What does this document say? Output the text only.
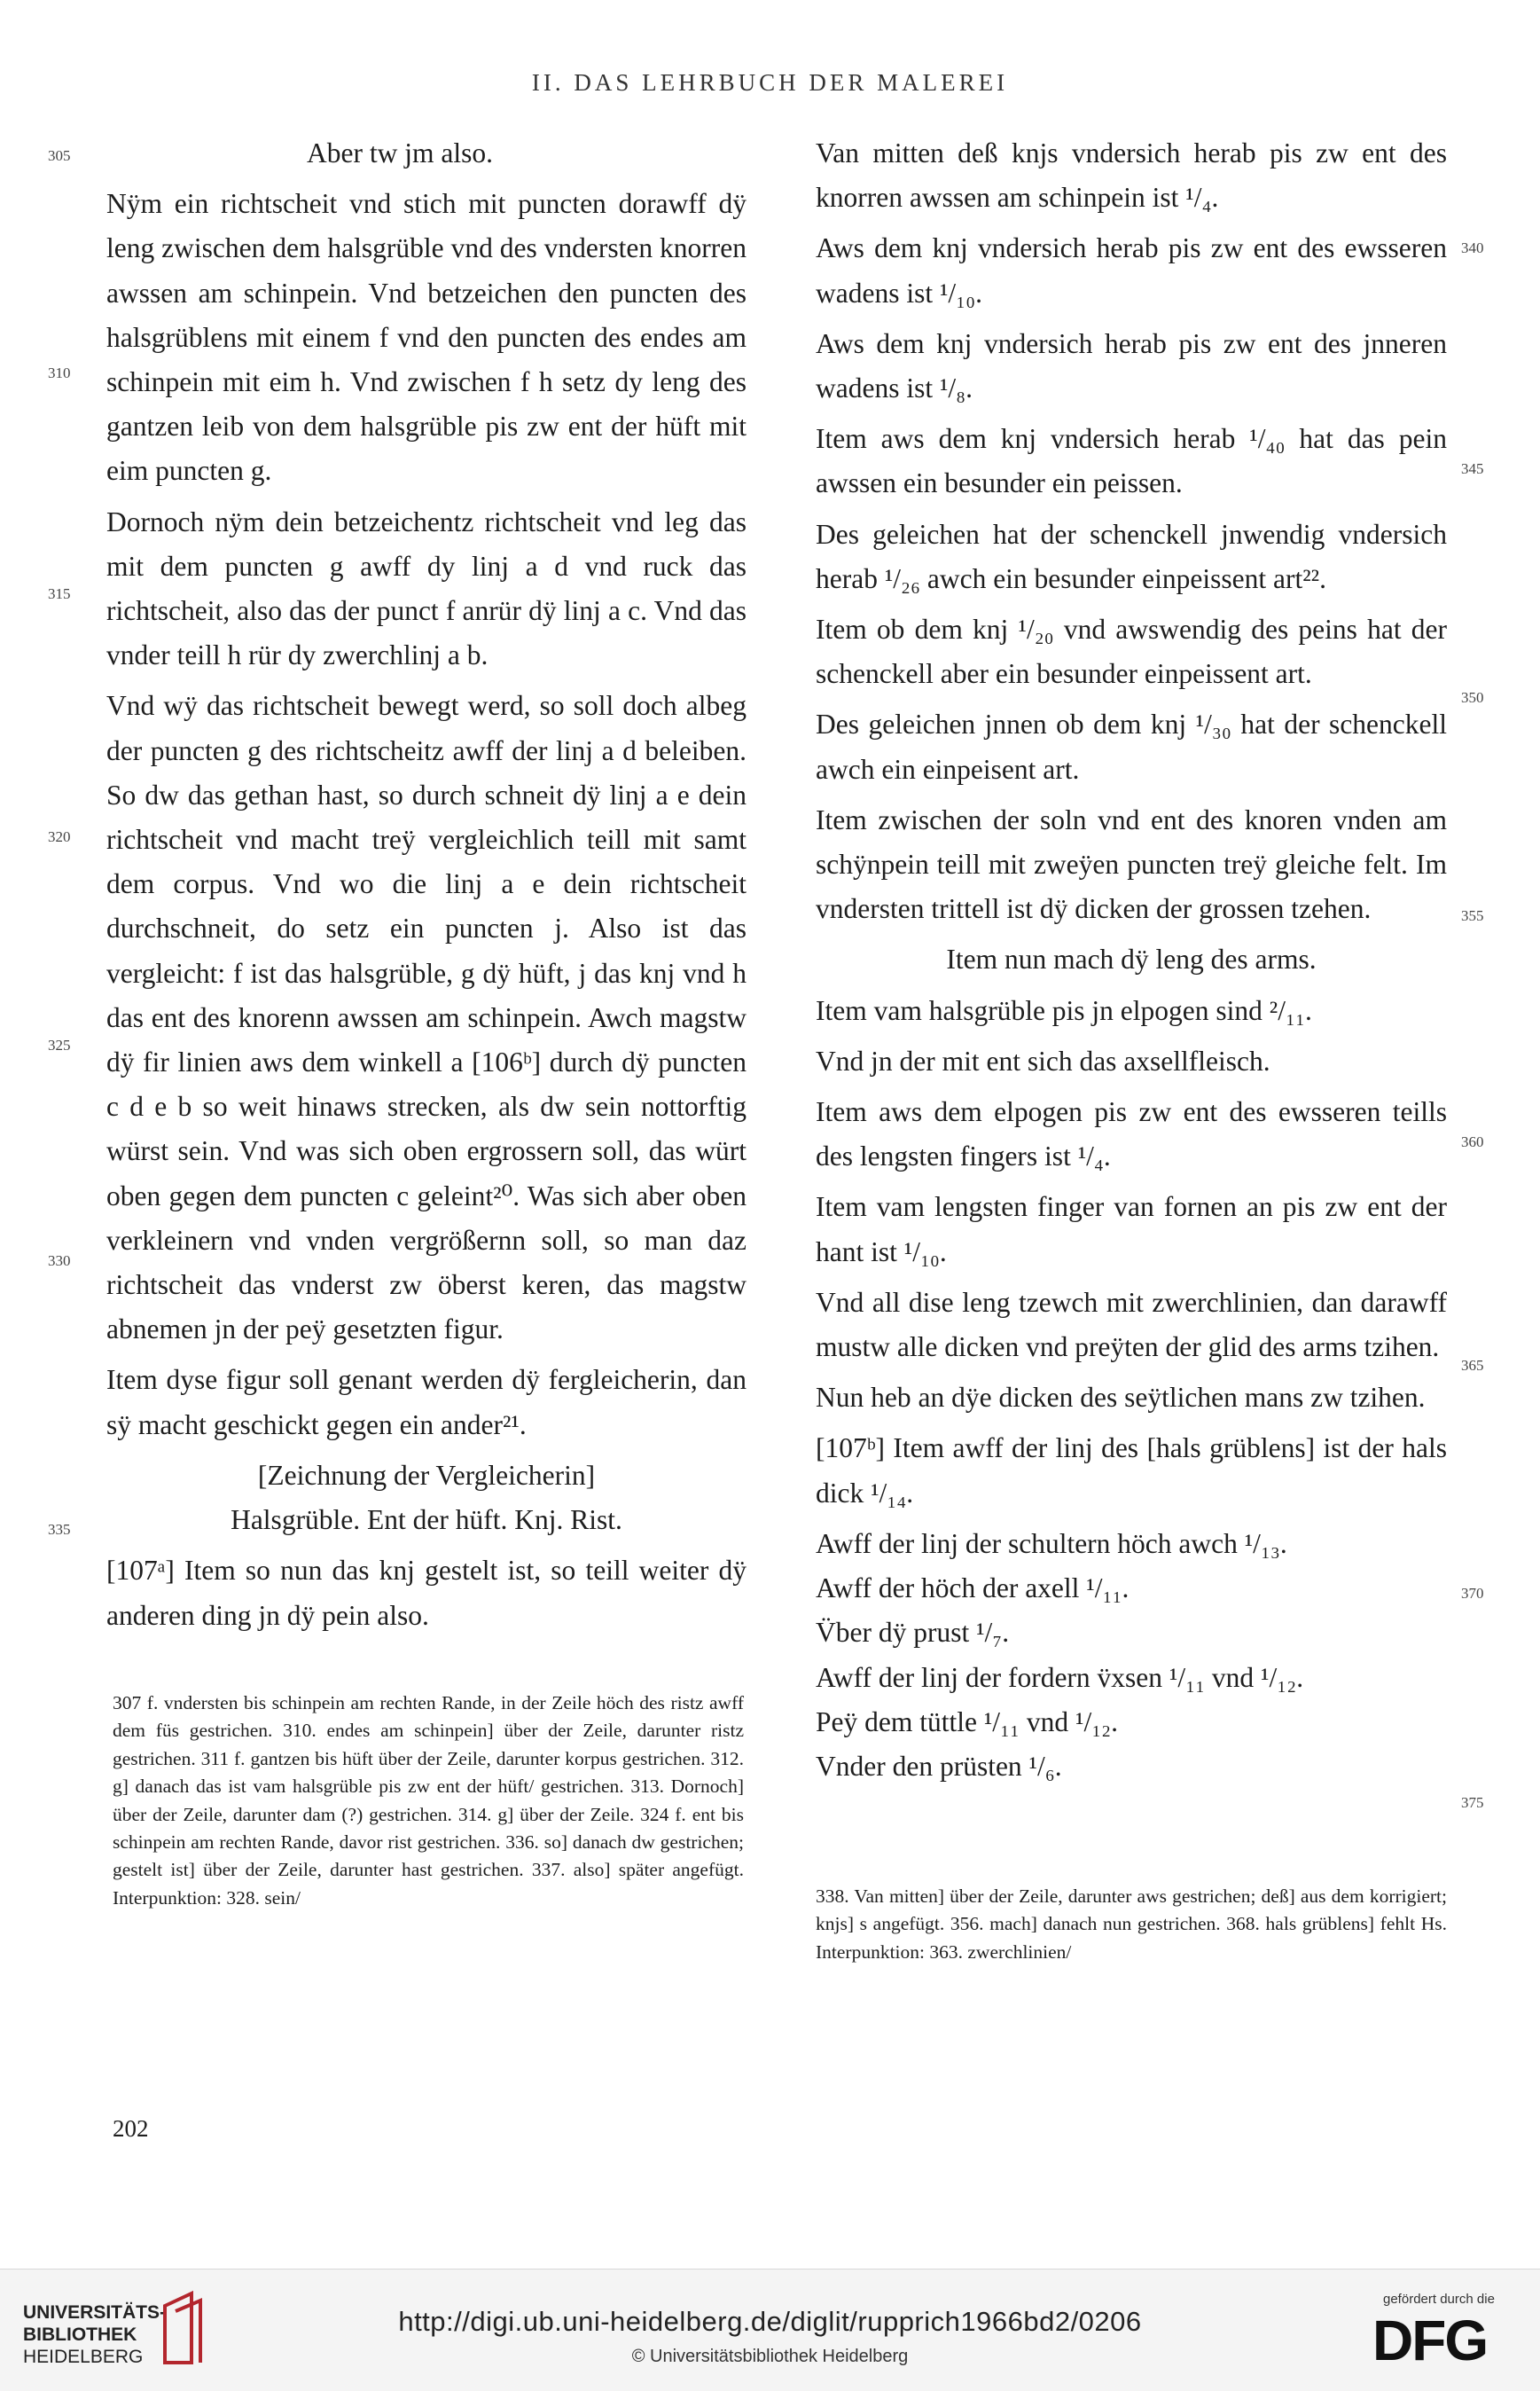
II. DAS LEHRBUCH DER MALEREI

Aber tw jm also.

Nÿm ein richtscheit vnd stich mit puncten dorawff dÿ leng zwischen dem halsgrüble vnd des vndersten knorren awssen am schinpein. Vnd betzeichen den puncten des halsgrüblens mit einem f vnd den puncten des endes am schinpein mit eim h. Vnd zwischen f h setz dy leng des gantzen leib von dem halsgrüble pis zw ent der hüft mit eim puncten g.

Dornoch nÿm dein betzeichentz richtscheit vnd leg das mit dem puncten g awff dy linj a d vnd ruck das richtscheit, also das der punct f anrür dÿ linj a c. Vnd das vnder teill h rür dy zwerchlinj a b.

Vnd wÿ das richtscheit bewegt werd, so soll doch albeg der puncten g des richtscheitz awff der linj a d beleiben. So dw das gethan hast, so durch schneit dÿ linj a e dein richtscheit vnd macht treÿ vergleichlich teill mit samt dem corpus. Vnd wo die linj a e dein richtscheit durchschneit, do setz ein puncten j. Also ist das vergleicht: f ist das halsgrüble, g dÿ hüft, j das knj vnd h das ent des knorenn awssen am schinpein. Awch magstw dÿ fir linien aws dem winkell a [106ᵇ] durch dÿ puncten c d e b so weit hinaws strecken, als dw sein nottorftig würst sein. Vnd was sich oben ergrossern soll, das würt oben gegen dem puncten c geleint²⁰. Was sich aber oben verkleinern vnd vnden vergrößernn soll, so man daz richtscheit das vnderst zw öberst keren, das magstw abnemen jn der peÿ gesetzten figur.

Item dyse figur soll genant werden dÿ fergleicherin, dan sÿ macht geschickt gegen ein ander²¹.

[Zeichnung der Vergleicherin]

Halsgrüble. Ent der hüft. Knj. Rist.

[107ᵃ] Item so nun das knj gestelt ist, so teill weiter dÿ anderen ding jn dÿ pein also.

Van mitten deß knjs vndersich herab pis zw ent des knorren awssen am schinpein ist ¹/₄.

Aws dem knj vndersich herab pis zw ent des ewsseren wadens ist ¹/₁₀.

Aws dem knj vndersich herab pis zw ent des jnneren wadens ist ¹/₈.

Item aws dem knj vndersich herab ¹/₄₀ hat das pein awssen ein besunder ein peissen.

Des geleichen hat der schenckell jnwendig vndersich herab ¹/₂₆ awch ein besunder einpeissent art²².

Item ob dem knj ¹/₂₀ vnd awswendig des peins hat der schenckell aber ein besunder einpeissent art.

Des geleichen jnnen ob dem knj ¹/₃₀ hat der schenckell awch ein einpeisent art.

Item zwischen der soln vnd ent des knoren vnden am schÿnpein teill mit zweÿen puncten treÿ gleiche felt. Im vndersten trittell ist dÿ dicken der grossen tzehen.

Item nun mach dÿ leng des arms.

Item vam halsgrüble pis jn elpogen sind ²/₁₁.

Vnd jn der mit ent sich das axsellfleisch.

Item aws dem elpogen pis zw ent des ewsseren teills des lengsten fingers ist ¹/₄.

Item vam lengsten finger van fornen an pis zw ent der hant ist ¹/₁₀.

Vnd all dise leng tzewch mit zwerchlinien, dan darawff mustw alle dicken vnd preÿten der glid des arms tzihen.

Nun heb an dÿe dicken des seÿtlichen mans zw tzihen.

[107ᵇ] Item awff der linj des [hals grüblens] ist der hals dick ¹/₁₄.

Awff der linj der schultern höch awch ¹/₁₃.

Awff der höch der axell ¹/₁₁.

V̈ber dÿ prust ¹/₇.

Awff der linj der fordern v̈xsen ¹/₁₁ vnd ¹/₁₂.

Peÿ dem tüttle ¹/₁₁ vnd ¹/₁₂.

Vnder den prüsten ¹/₆.

305
310
315
320
325
330
335
340
345
350
355
360
365
370
375

307 f. vndersten bis schinpein am rechten Rande, in der Zeile höch des ristz awff dem füs gestrichen. 310. endes am schinpein] über der Zeile, darunter ristz gestrichen. 311 f. gantzen bis hüft über der Zeile, darunter korpus gestrichen. 312. g] danach das ist vam halsgrüble pis zw ent der hüft/ gestrichen. 313. Dornoch] über der Zeile, darunter dam (?) gestrichen. 314. g] über der Zeile. 324 f. ent bis schinpein am rechten Rande, davor rist gestrichen. 336. so] danach dw gestrichen; gestelt ist] über der Zeile, darunter hast gestrichen. 337. also] später angefügt. Interpunktion: 328. sein/	338. Van mitten] über der Zeile, darunter aws gestrichen; deß] aus dem korrigiert; knjs] s angefügt. 356. mach] danach nun gestrichen. 368. hals grüblens] fehlt Hs. Interpunktion: 363. zwerchlinien/

202
UNIVERSITÄTS-
BIBLIOTHEK
HEIDELBERG
http://digi.ub.uni-heidelberg.de/diglit/rupprich1966bd2/0206
© Universitätsbibliothek Heidelberg
gefördert durch die
DFG
